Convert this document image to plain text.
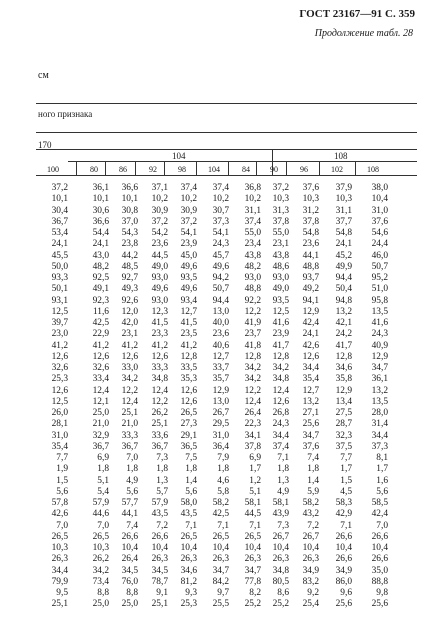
ГОСТ 23167—91 С. 359
Продолжение табл. 28
см
ного признака
170
104	108
100
37,2
10,1
30,4
36,7
53,4
24,1
45,5
50,0
93,3
50,1
93,1
12,5
39,7
23,0
41,2
12,6
32,6
25,3
12,6
12,5
26,0
28,1
31,0
35,4
7,7
1,9
1,5
5,6
57,8
42,6
7,0
26,5
10,3
26,3
34,4
79,9
9,5
25,1
80
36,1
10,1
30,6
36,6
54,4
24,1
43,0
48,2
92,5
49,1
92,3
11,6
42,5
22,9
41,2
12,6
32,6
33,4
12,4
12,1
25,0
21,0
32,9
36,7
6,9
1,8
5,1
5,4
57,9
44,6
7,0
26,5
10,3
26,2
34,2
73,4
8,8
25,0
86
36,6
10,1
30,8
37,0
54,3
23,8
44,2
48,5
92,7
49,3
92,6
12,0
42,0
23,1
41,2
12,6
33,0
34,2
12,2
12,4
25,1
21,0
33,3
36,7
7,0
1,8
4,9
5,6
57,7
44,1
7,4
26,6
10,4
26,4
34,5
76,0
8,8
25,0
92
37,1
10,2
30,9
37,2
54,2
23,6
44,5
49,0
93,0
49,6
93,0
12,3
41,5
23,3
41,2
12,6
33,3
34,8
12,4
12,2
26,2
25,1
33,6
36,7
7,3
1,8
1,3
5,7
57,9
43,5
7,2
26,6
10,4
26,3
34,5
78,7
9,1
25,1
98
37,4
10,2
30,9
37,2
54,1
23,9
45,0
49,6
93,5
49,6
93,4
12,7
41,5
23,5
41,2
12,8
33,5
35,3
12,6
12,6
26,5
27,3
29,1
36,5
7,5
1,8
1,4
5,6
58,0
43,5
7,1
26,5
10,4
26,3
34,6
81,2
9,3
25,3
104
37,4
10,2
30,7
37,3
54,1
24,3
45,7
49,6
94,2
50,7
94,4
13,0
40,0
23,6
40,6
12,7
33,7
35,7
12,9
13,0
26,7
29,5
31,0
36,4
7,9
1,8
4,6
5,8
58,2
42,5
7,1
26,5
10,4
26,3
34,7
84,2
9,7
25,5
84
36,8
10,2
31,1
37,4
55,0
23,4
43,8
48,2
93,0
48,8
92,2
12,2
41,9
23,7
41,8
12,8
34,2
34,2
12,2
12,4
26,4
22,3
34,1
37,8
6,9
1,7
1,2
5,1
58,1
44,5
7,1
26,5
10,4
26,3
34,7
77,8
8,2
25,2
90
37,2
10,3
31,3
37,8
55,0
23,1
43,8
48,6
93,0
49,0
93,5
12,5
41,6
23,9
41,7
12,8
34,2
34,8
12,4
12,6
26,8
24,3
34,4
37,4
7,1
1,8
1,3
4,9
58,1
43,9
7,3
26,7
10,4
26,3
34,8
80,5
8,6
25,2
96
37,6
10,3
31,2
37,8
54,8
23,6
44,1
48,8
93,7
49,2
94,1
12,9
42,4
24,1
42,6
12,6
34,4
35,4
12,7
13,2
27,1
25,6
34,7
37,6
7,4
1,8
1,4
5,9
58,2
43,2
7,2
26,7
10,4
26,3
34,9
83,2
9,2
25,4
102
37,9
10,3
31,1
37,7
54,8
24,1
45,2
49,9
94,4
50,4
94,8
13,2
42,1
24,2
41,7
12,8
34,6
35,8
12,9
13,4
27,5
28,7
32,3
37,5
7,7
1,7
1,5
4,5
58,3
42,9
7,1
26,6
10,4
26,6
34,9
86,0
9,6
25,6
108
38,0
10,4
31,0
37,6
54,6
24,4
46,0
50,7
95,2
51,0
95,8
13,5
41,6
24,3
40,9
12,9
34,7
36,1
13,2
13,5
28,0
31,4
34,4
37,3
8,1
1,7
1,6
5,6
58,5
42,4
7,0
26,6
10,4
26,6
35,0
88,8
9,8
25,6
